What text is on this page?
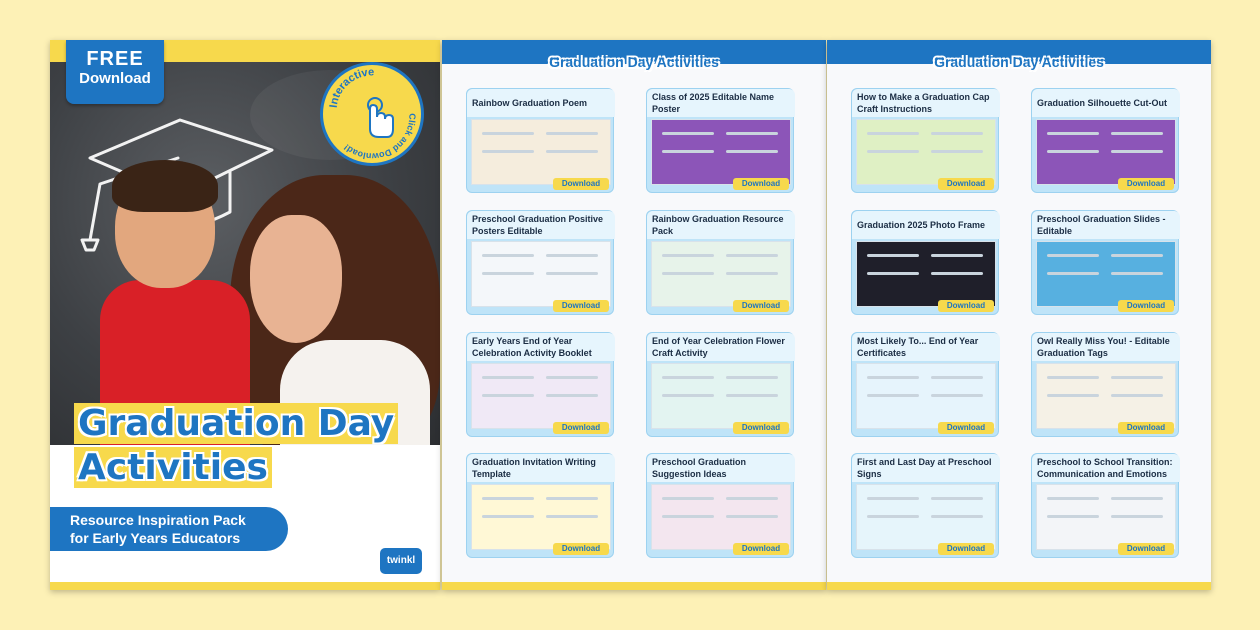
FREE
Download
Interactive
Click and Download!
Graduation Day
Activities
Resource Inspiration Pack
for Early Years Educators
twinkl
Graduation Day Activities
Rainbow Graduation Poem
Download
Class of 2025 Editable Name Poster
Download
Preschool Graduation Positive Posters Editable
Download
Rainbow Graduation Resource Pack
Download
Early Years End of Year Celebration Activity Booklet
Download
End of Year Celebration Flower Craft Activity
Download
Graduation Invitation Writing Template
Download
Preschool Graduation Suggestion Ideas
Download
Graduation Day Activities
How to Make a Graduation Cap Craft Instructions
Download
Graduation Silhouette Cut-Out
Download
Graduation 2025 Photo Frame
Download
Preschool Graduation Slides - Editable
Download
Most Likely To... End of Year Certificates
Download
Owl Really Miss You! - Editable Graduation Tags
Download
First and Last Day at Preschool Signs
Download
Preschool to School Transition: Communication and Emotions
Download
